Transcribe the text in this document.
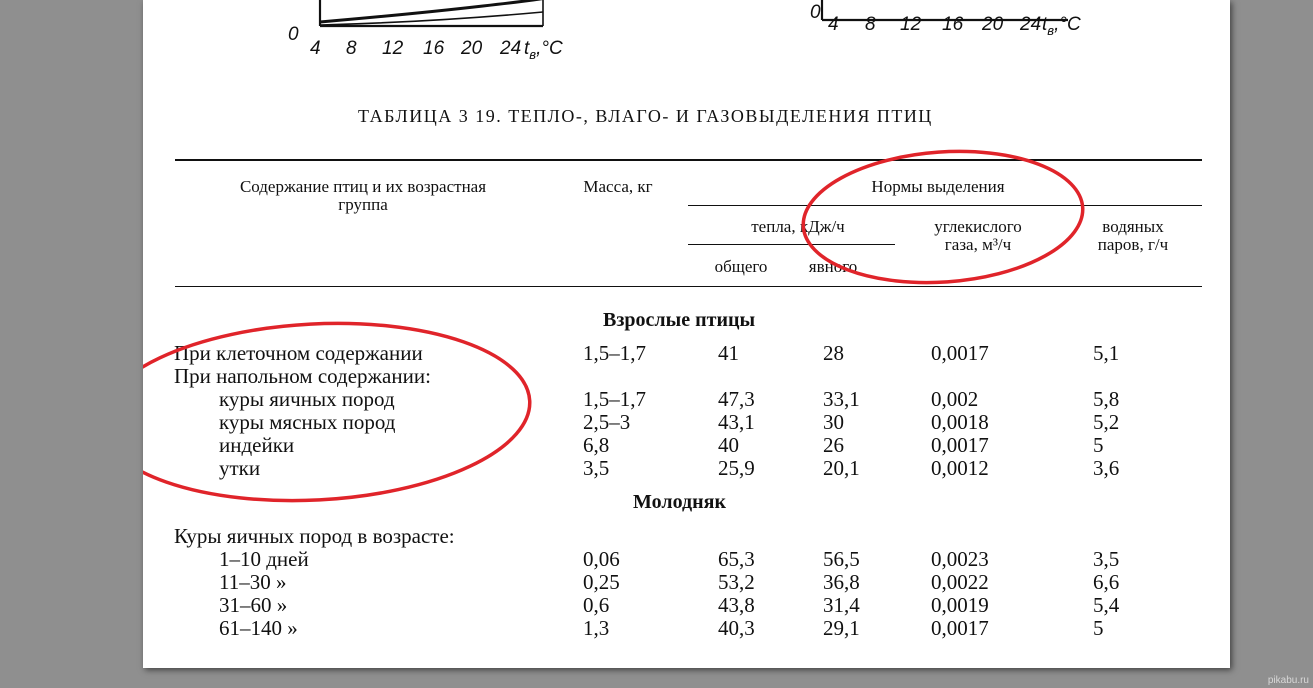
0
4 8 12 16 20 24 $t_в,^\circ C$
0
4 8 12 16 20 24 $t_в,^\circ C$
ТАБЛИЦА 3 19. ТЕПЛО-, ВЛАГО- И ГАЗОВЫДЕЛЕНИЯ ПТИЦ
Содержание птиц и их возрастная
группа
Масса, кг	Нормы выделения
тепла, кДж/ч
общего	явного
углекислого
газа, м³/ч
водяных
паров, г/ч
Взрослые птицы
Молодняк
При клеточном содержании	1,5–1,7	41	28	0,0017	5,1
При напольном содержании:
куры яичных пород	1,5–1,7	47,3	33,1	0,002	5,8
куры мясных пород	2,5–3	43,1	30	0,0018	5,2
индейки	6,8	40	26	0,0017	5
утки	3,5	25,9	20,1	0,0012	3,6
Куры яичных пород в возрасте:
1–10 дней	0,06	65,3	56,5	0,0023	3,5
11–30 »	0,25	53,2	36,8	0,0022	6,6
31–60 »	0,6	43,8	31,4	0,0019	5,4
61–140 »	1,3	40,3	29,1	0,0017	5
pikabu.ru
